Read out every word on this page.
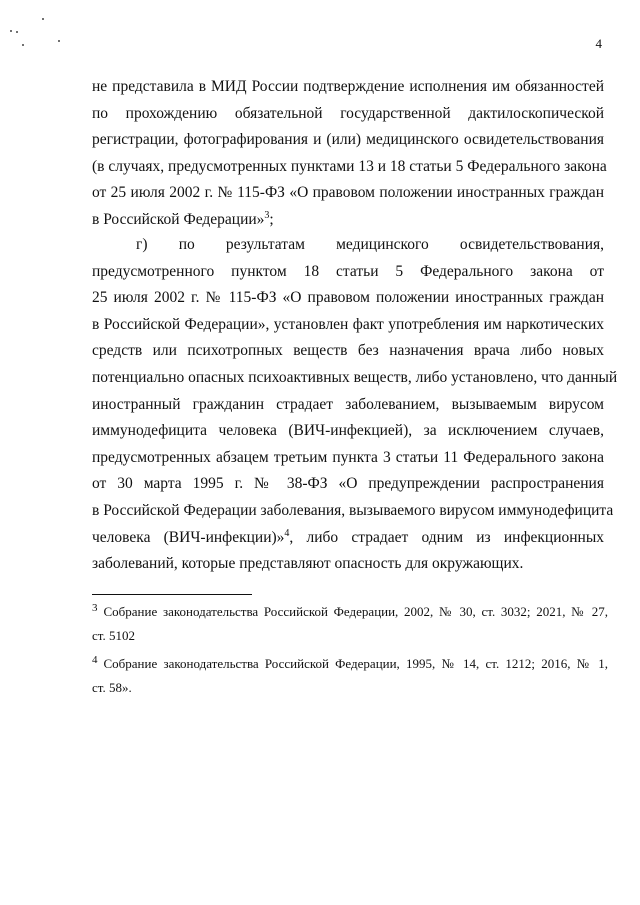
4
не представила в МИД России подтверждение исполнения им обязанностей
по прохождению обязательной государственной дактилоскопической
регистрации, фотографирования и (или) медицинского освидетельствования
(в случаях, предусмотренных пунктами 13 и 18 статьи 5 Федерального закона
от 25 июля 2002 г. № 115-ФЗ «О правовом положении иностранных граждан
в Российской Федерации»$^3$;
г) по результатам медицинского освидетельствования,
предусмотренного пунктом 18 статьи 5 Федерального закона от
25 июля 2002 г. № 115-ФЗ «О правовом положении иностранных граждан
в Российской Федерации», установлен факт употребления им наркотических
средств или психотропных веществ без назначения врача либо новых
потенциально опасных психоактивных веществ, либо установлено, что данный
иностранный гражданин страдает заболеванием, вызываемым вирусом
иммунодефицита человека (ВИЧ-инфекцией), за исключением случаев,
предусмотренных абзацем третьим пункта 3 статьи 11 Федерального закона
от 30 марта 1995 г. № 38-ФЗ «О предупреждении распространения
в Российской Федерации заболевания, вызываемого вирусом иммунодефицита
человека (ВИЧ-инфекции)»$^4$, либо страдает одним из инфекционных
заболеваний, которые представляют опасность для окружающих.
$^3$ Собрание законодательства Российской Федерации, 2002, № 30, ст. 3032; 2021, № 27,
ст. 5102
$^4$ Собрание законодательства Российской Федерации, 1995, № 14, ст. 1212; 2016, № 1,
ст. 58».
